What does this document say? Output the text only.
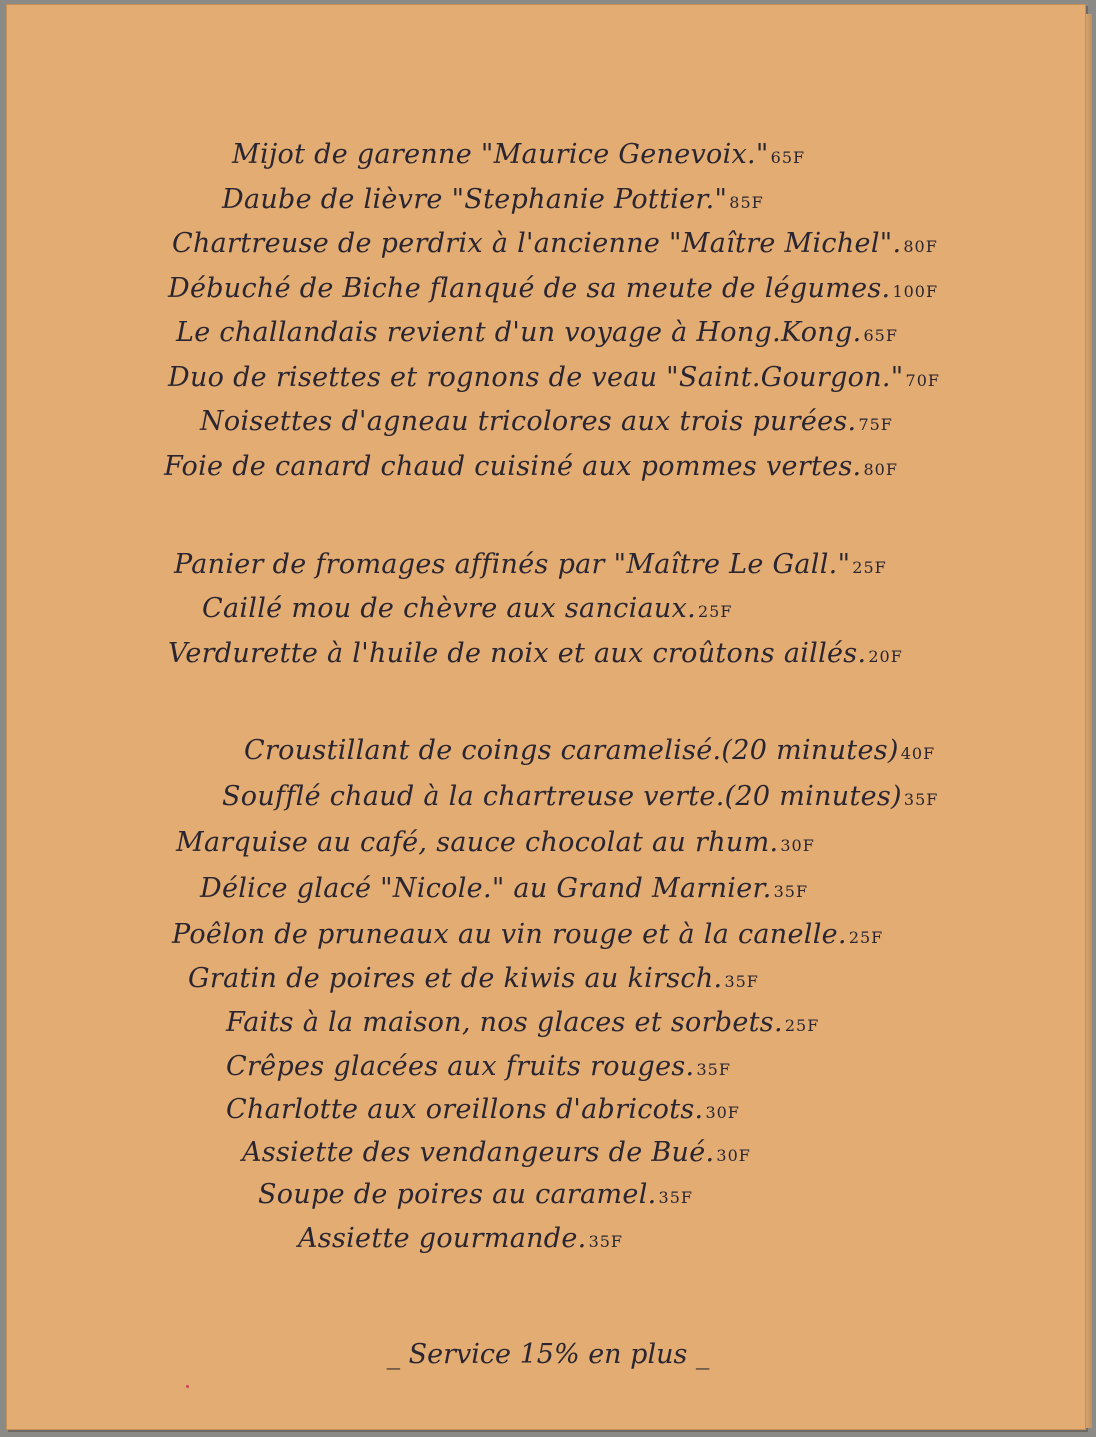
Mijot de garenne "Maurice Genevoix." 65F
Daube de lièvre "Stephanie Pottier." 85F
Chartreuse de perdrix à l'ancienne "Maître Michel". 80F
Débuché de Biche flanqué de sa meute de légumes. 100F
Le challandais revient d'un voyage à Hong.Kong. 65F
Duo de risettes et rognons de veau "Saint.Gourgon." 70F
Noisettes d'agneau tricolores aux trois purées. 75F
Foie de canard chaud cuisiné aux pommes vertes. 80F
Panier de fromages affinés par "Maître Le Gall." 25F
Caillé mou de chèvre aux sanciaux. 25F
Verdurette à l'huile de noix et aux croûtons aillés. 20F
Croustillant de coings caramelisé.(20 minutes) 40F
Soufflé chaud à la chartreuse verte.(20 minutes) 35F
Marquise au café, sauce chocolat au rhum. 30F
Délice glacé "Nicole." au Grand Marnier. 35F
Poêlon de pruneaux au vin rouge et à la canelle. 25F
Gratin de poires et de kiwis au kirsch. 35F
Faits à la maison, nos glaces et sorbets. 25F
Crêpes glacées aux fruits rouges. 35F
Charlotte aux oreillons d'abricots. 30F
Assiette des vendangeurs de Bué. 30F
Soupe de poires au caramel. 35F
Assiette gourmande. 35F
_ Service 15% en plus _
